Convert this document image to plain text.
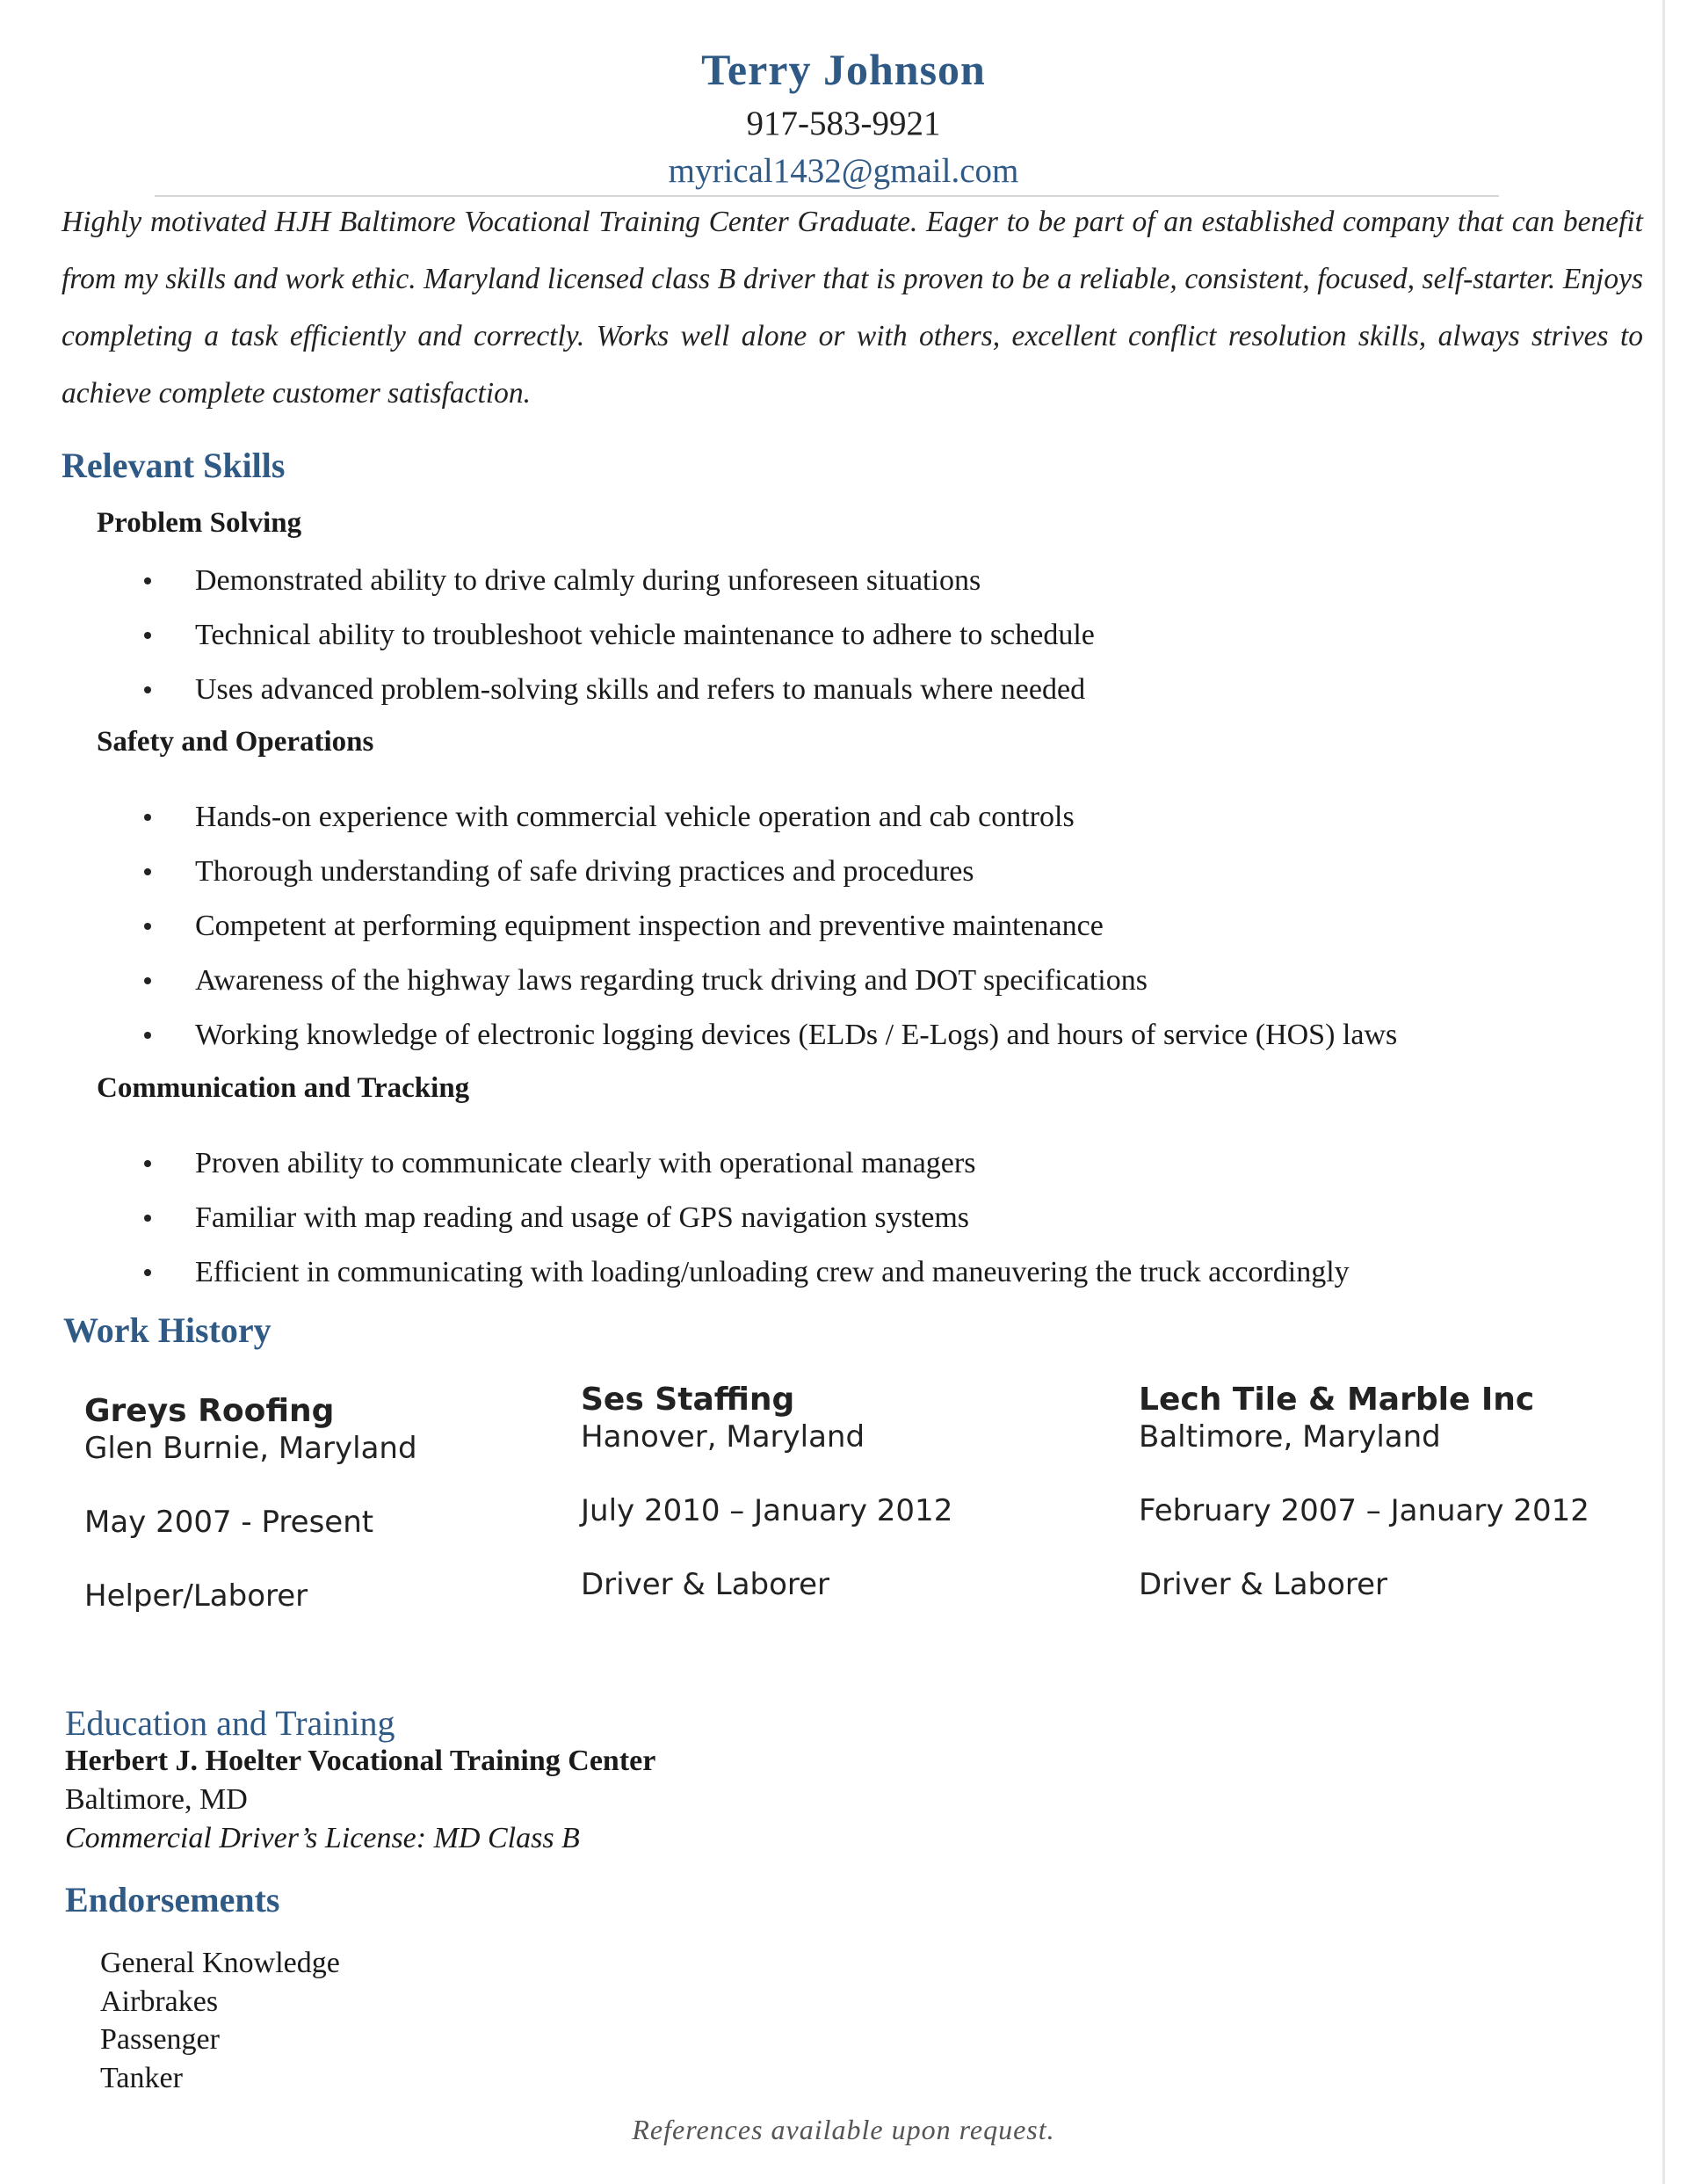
Terry Johnson
917-583-9921
myrical1432@gmail.com
Highly motivated HJH Baltimore Vocational Training Center Graduate. Eager to be part of an established company that can benefit from my skills and work ethic. Maryland licensed class B driver that is proven to be a reliable, consistent, focused, self-starter. Enjoys completing a task efficiently and correctly. Works well alone or with others, excellent conflict resolution skills, always strives to achieve complete customer satisfaction.
Relevant Skills
Problem Solving
Demonstrated ability to drive calmly during unforeseen situations
Technical ability to troubleshoot vehicle maintenance to adhere to schedule
Uses advanced problem-solving skills and refers to manuals where needed
Safety and Operations
Hands-on experience with commercial vehicle operation and cab controls
Thorough understanding of safe driving practices and procedures
Competent at performing equipment inspection and preventive maintenance
Awareness of the highway laws regarding truck driving and DOT specifications
Working knowledge of electronic logging devices (ELDs / E-Logs) and hours of service (HOS) laws
Communication and Tracking
Proven ability to communicate clearly with operational managers
Familiar with map reading and usage of GPS navigation systems
Efficient in communicating with loading/unloading crew and maneuvering the truck accordingly
Work History
Greys Roofing
Glen Burnie, Maryland
May 2007 - Present
Helper/Laborer
Ses Staffing
Hanover, Maryland
July 2010 – January 2012
Driver & Laborer
Lech Tile & Marble Inc
Baltimore, Maryland
February 2007 – January 2012
Driver & Laborer
Education and Training
Herbert J. Hoelter Vocational Training Center
Baltimore, MD
Commercial Driver’s License: MD Class B
Endorsements
General Knowledge
Airbrakes
Passenger
Tanker
References available upon request.
